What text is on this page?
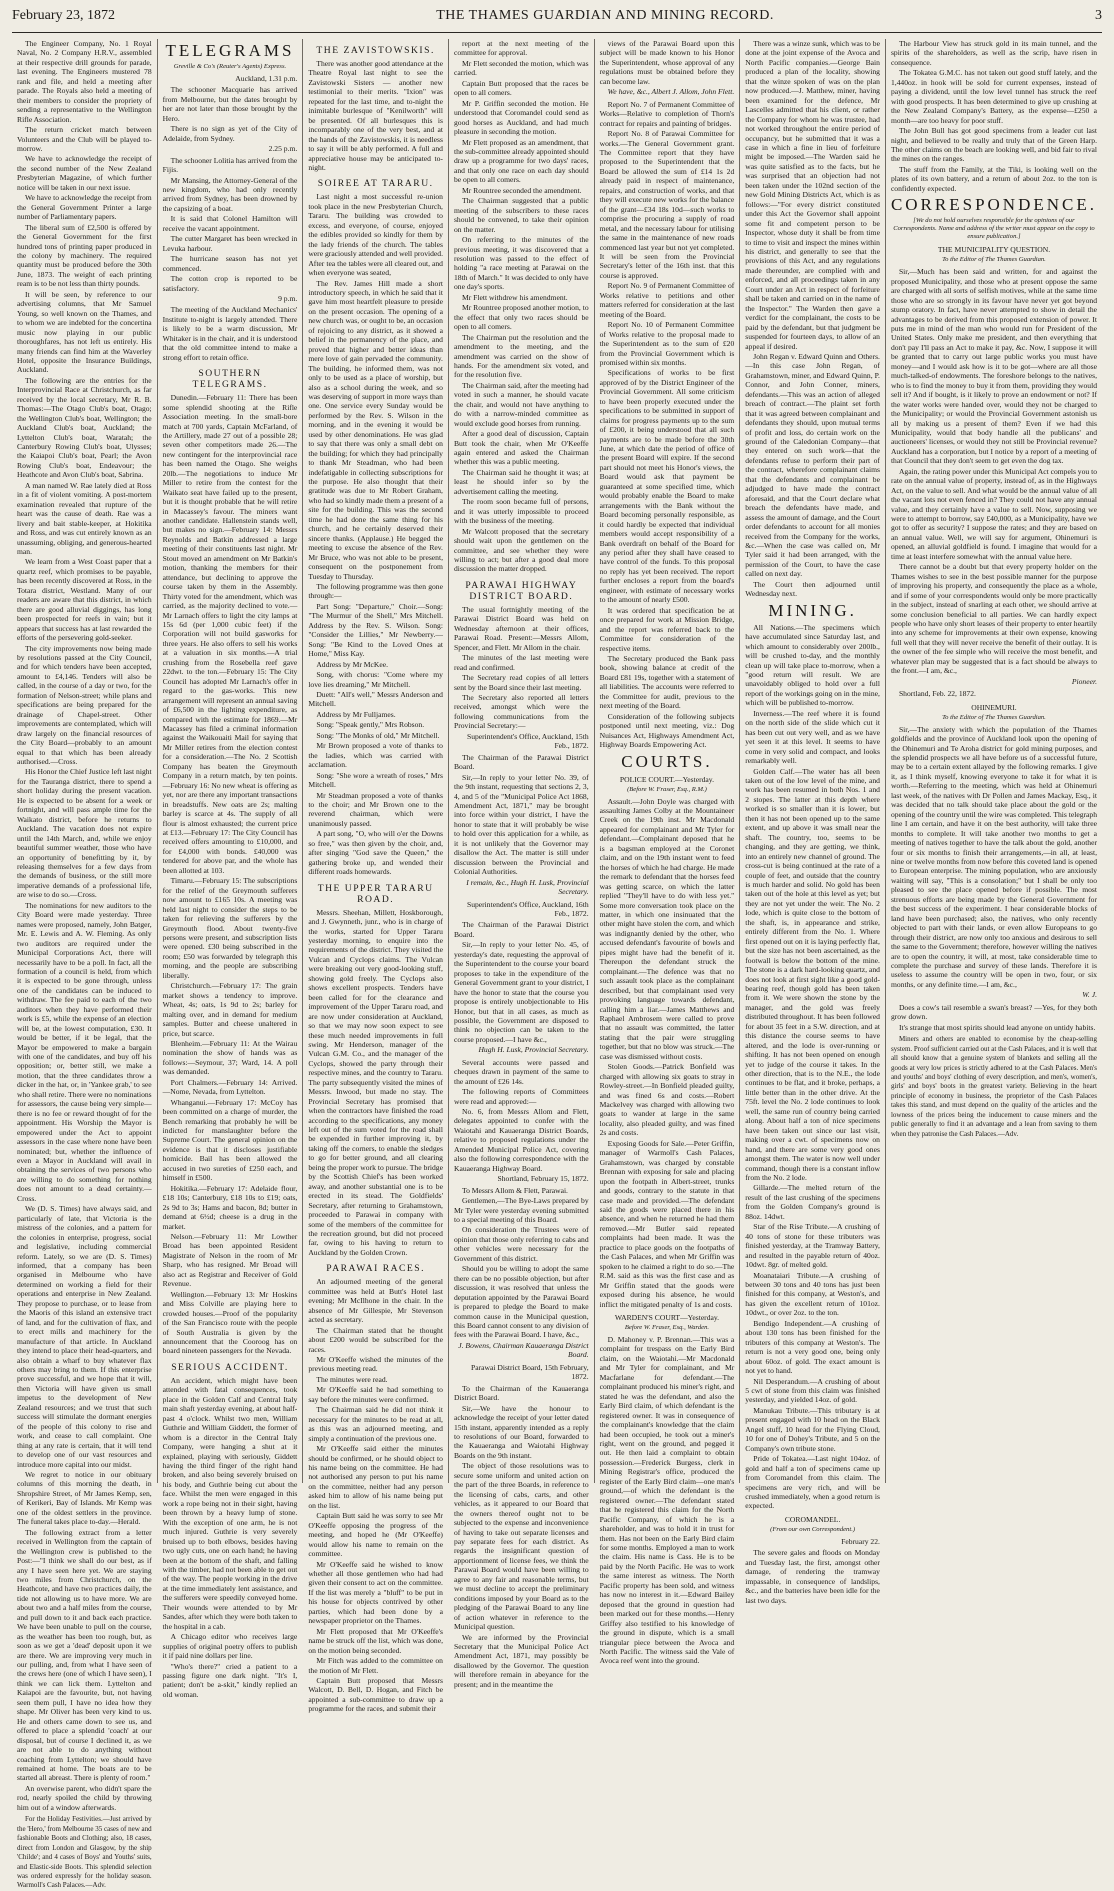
February 23, 1872	THE THAMES GUARDIAN AND MINING RECORD.	3

The Engineer Company, No. 1 Royal Naval, No. 2 Company H.R.V., assembled at their respective drill grounds for parade, last evening. The Engineers mustered 78 rank and file, and held a meeting after parade. The Royals also held a meeting of their members to consider the propriety of sending a representative to the Wellington Rifle Association.

The return cricket match between Volunteers and the Club will be played to-morrow.

We have to acknowledge the receipt of the second number of the New Zealand Presbyterian Magazine, of which further notice will be taken in our next issue.

We have to acknowledge the receipt from the General Government Printer a large number of Parliamentary papers.

The liberal sum of £2,500 is offered by the General Government for the first hundred tons of printing paper produced in the colony by machinery. The required quantity must be produced before the 30th June, 1873. The weight of each printing ream is to be not less than thirty pounds.

It will be seen, by reference to our advertising columns, that Mr Samuel Young, so well known on the Thames, and to whom we are indebted for the concertina music now playing in our public thoroughfares, has not left us entirely. His many friends can find him at the Waverley Hotel, opposite the Insurance Buildings, Auckland.

The following are the entries for the Interprovincial Race at Christchurch, as far received by the local secretary, Mr R. B. Thomas:—The Otago Club's boat, Otago; the Wellington Club's boat, Wellington; the Auckland Club's boat, Auckland; the Lyttelton Club's boat, Waratah; the Canterbury Rowing Club's boat, Ulysses; the Kaiapoi Club's boat, Pearl; the Avon Rowing Club's boat, Endeavour; the Heathcote and Avon Club's boat, Sabrina.

A man named W. Rae lately died at Ross in a fit of violent vomiting. A post-mortem examination revealed that rupture of the heart was the cause of death. Rae was a livery and bait stable-keeper, at Hokitika and Ross, and was cut entirely known as an unassuming, obliging, and generous-hearted man.

We learn from a West Coast paper that a quartz reef, which promises to be payable, has been recently discovered at Ross, in the Totara district, Westland. Many of our readers are aware that this district, in which there are good alluvial diggings, has long been prospected for reefs in vain; but it appears that success has at last rewarded the efforts of the persevering gold-seeker.

The city improvements now being made by resolutions passed at the City Council, and for which tenders have been accepted, amount to £4,146. Tenders will also be called, in the course of a day or two, for the formation of Nelson-street; while plans and specifications are being prepared for the drainage of Chapel-street. Other improvements are contemplated, which will draw largely on the financial resources of the City Board—probably to an amount equal to that which has been already authorised.—Cross.

His Honor the Chief Justice left last night for the Tauranga district, there to spend a short holiday during the present vacation. He is expected to be absent for a week or fortnight, and will pass ample time for the Waikato district, before he returns to Auckland. The vacation does not expire until the 14th March, and, while we enjoy beautiful summer weather, those who have an opportunity of benefitting by it, by releasing themselves for a few days from the demands of business, or the still more imperative demands of a professional life, are wise to do so.—Cross.

The nominations for new auditors to the City Board were made yesterday. Three names were proposed, namely, John Batger, Mr. E. Lewis and A. W. Fleming. As only two auditors are required under the Municipal Corporations Act, there will necessarily have to be a poll. In fact, all the formation of a council is held, from which it is expected to be gone through, unless one of the candidates can be induced to withdraw. The fee paid to each of the two auditors when they have performed their work is £5, while the expense of an election will be, at the lowest computation, £30. It would be better, if it be legal, that the Mayor be empowered to make a bargain with one of the candidates, and buy off his opposition; or, better still, we make a motion, that the three candidates throw a dicker in the hat, or, in 'Yankee grab,' to see who shall retire. There were no nominations for assessors, the cause being very simple—there is no fee or reward thought of for the appointment. His Worship the Mayor is empowered under the Act to appoint assessors in the case where none have been nominated; but, whether the influence of even a Mayor in Auckland will avail in obtaining the services of two persons who are willing to do something for nothing does not amount to a dead certainty.—Cross.

We (D. S. Times) have always said, and particularly of late, that Victoria is the mistress of the colonies, and a pattern for the colonies in enterprise, progress, social and legislative, including commercial reform. Lately, so we are (D. S. Times) informed, that a company has been organised in Melbourne who have determined on working a field for their operations and enterprise in New Zealand. They propose to purchase, or to lease from the Maoris of this island an extensive tract of land, and for the cultivation of flax, and to erect mills and machinery for the manufacture of that article. In Auckland they intend to place their head-quarters, and also obtain a wharf to buy whatever flax others may bring to them. If this enterprise prove successful, and we hope that it will, then Victoria will have given us small impetus to the development of New Zealand resources; and we trust that such success will stimulate the dormant energies of the people of this colony to rise and work, and cease to call complaint. One thing at any rate is certain, that it will tend to develop one of our vast resources and introduce more capital into our midst.

We regret to notice in our obituary columns of this morning the death, in Shropshire Street, of Mr James Kemp, sen, of Kerikeri, Bay of Islands. Mr Kemp was one of the oldest settlers in the province. The funeral takes place to-day.—Herald.

The following extract from a letter received in Wellington from the captain of the Wellington crew is published to the Post:—"I think we shall do our best, as if any I have seen here yet. We are staying two miles from Christchurch, on the Heathcote, and have two practices daily, the tide not allowing us to have more. We are about two and a half miles from the course, and pull down to it and back each practice. We have been unable to pull on the course, as the weather has been too rough, but, as soon as we get a 'dead' deposit upon it we are there. We are improving very much in our pulling, and, from what I have seen of the crews here (one of which I have seen), I think we can lick them. Lyttelton and Kaiapoi are the favourite, but, not having seen them pull, I have no idea how they shape. Mr Oliver has been very kind to us. He and others came down to see us, and offered to place a splendid 'coach' at our disposal, but of course I declined it, as we are not able to do anything without coaching from Lyttelton; we should have remained at home. The boats are to be started all abreast. There is plenty of room."

An overwise parent, who didn't spare the rod, nearly spoiled the child by throwing him out of a window afterwards.

For the Holiday Festivities.—Just arrived by the 'Hero,' from Melbourne 35 cases of new and fashionable Boots and Clothing; also, 18 cases, direct from London and Glasgow, by the ship 'Childe'; and 4 cases of Boys' and Youths' suits, and Elastic-side Boots. This splendid selection was ordered expressly for the holiday season. Warmoll's Cash Palaces.—Adv.

TELEGRAMS
Greville & Co's (Reuter's Agents) Express.
Auckland, 1.31 p.m.

The schooner Macquarie has arrived from Melbourne, but the dates brought by her are not later than those brought by the Hero.

There is no sign as yet of the City of Adelaide, from Sydney.

2.25 p.m.

The schooner Lolitia has arrived from the Fijis.

Mr Mansing, the Attorney-General of the new kingdom, who had only recently arrived from Sydney, has been drowned by the capsizing of a boat.

It is said that Colonel Hamilton will receive the vacant appointment.

The cutter Margaret has been wrecked in Levuka harbour.

The hurricane season has not yet commenced.

The cotton crop is reported to be satisfactory.

9 p.m.

The meeting of the Auckland Mechanics' Institute to-night is largely attended. There is likely to be a warm discussion, Mr Whitaker is in the chair, and it is understood that the old committee intend to make a strong effort to retain office.

SOUTHERN TELEGRAMS.

Dunedin.—February 11: There has been some splendid shooting at the Rifle Association meeting. In the small-bore match at 700 yards, Captain McFarland, of the Artillery, made 27 out of a possible 28; seven other competitors made 26.—The new contingent for the interprovincial race has been named the Otago. She weighs 20lb.—The negotiations to induce Mr Miller to retire from the contest for the Waikato seat have failed up to the present, but it is thought probable that he will retire in Macassey's favour. The miners want another candidate. Hallenstein stands well, but makes no sign.—February 14: Messrs Reynolds and Batkin addressed a large meeting of their constituents last night. Mr Stout moved an amendment on Mr Batkin's motion, thanking the members for their attendance, but declining to approve the course taken by them in the Assembly. Thirty voted for the amendment, which was carried, as the majority declined to vote.—Mr Larnach offers to light the city lamps at 15s 6d (per 1,000 cubic feet) if the Corporation will not build gasworks for three years. He also offers to sell his works at a valuation in six months.—A trial crushing from the Rosebella reef gave 22dwt. to the ton.—February 15: The City Council has adopted Mr Larnach's offer in regard to the gas-works. This new arrangement will represent an annual saving of £6,500 in the lighting expenditure, as compared with the estimate for 1869.—Mr Macassey has filed a criminal information against the Waikouaiti Mail for saying that Mr Miller retires from the election contest for a consideration.—The No. 2 Scottish Company has beaten the Greymouth Company in a return match, by ten points.—February 16: No new wheat is offering as yet, nor are there any important transactions in breadstuffs. New oats are 2s; malting barley is scarce at 4s. The supply of all flour is almost exhausted; the current price at £13.—February 17: The City Council has received offers amounting to £10,000, and for £4,000 with bonds. £40,000 was tendered for above par, and the whole has been allotted at 103.

Timaru.—February 15: The subscriptions for the relief of the Greymouth sufferers now amount to £165 10s. A meeting was held last night to consider the steps to be taken for relieving the sufferers by the Greymouth flood. About twenty-five persons were present, and subscription lists were opened. £30 being subscribed in the room; £50 was forwarded by telegraph this morning, and the people are subscribing liberally.

Christchurch.—February 17: The grain market shows a tendency to improve. Wheat, 4s; oats, 1s 9d to 2s; barley for malting over, and in demand for medium samples. Butter and cheese unaltered in price, but scarce.

Blenheim.—February 11: At the Wairau nomination the show of hands was as follows:—Seymour, 37; Ward, 14. A poll was demanded.

Port Chalmers.—February 14: Arrived.—Nome, Nevada, from Lyttelton.

Whanganui.—February 17: McCoy has been committed on a charge of murder, the Bench remarking that probably he will be indicted for manslaughter before the Supreme Court. The general opinion on the evidence is that it discloses justifiable homicide. Bail has been allowed the accused in two sureties of £250 each, and himself in £500.

Hokitika.—February 17: Adelaide flour, £18 10s; Canterbury, £18 10s to £19; oats, 2s 9d to 3s; Hams and bacon, 8d; butter in demand at 6½d; cheese is a drug in the market.

Nelson.—February 11: Mr Lowther Broad has been appointed Resident Magistrate of Nelson in the room of Mr Sharp, who has resigned. Mr Broad will also act as Registrar and Receiver of Gold Revenue.

Wellington.—February 13: Mr Hoskins and Miss Colville are playing here to crowded houses.—Proof of the popularity of the San Francisco route with the people of South Australia is given by the announcement that the Cooroog has on board nineteen passengers for the Nevada.

SERIOUS ACCIDENT.

An accident, which might have been attended with fatal consequences, took place in the Golden Calf and Central Italy main shaft yesterday evening, at about half-past 4 o'clock. Whilst two men, William Guthrie and William Giddett, the former of whom is a director in the Central Italy Company, were hanging a shut at it explained, playing with seriously, Giddett having the third finger of the right hand broken, and also being severely bruised on his body, and Guthrie being cut about the face. Whilst the men were engaged in this work a rope being not in their sight, having been thrown by a heavy lump of stone. With the exception of one arm, he is not much injured. Guthrie is very severely bruised up to both elbows, besides having two ugly cuts, one on each hand; he having been at the bottom of the shaft, and falling with the timber, had not been able to get out of the way. The people working in the drive at the time immediately lent assistance, and the sufferers were speedily conveyed home. Their wounds were attended to by Mr Sandes, after which they were both taken to the hospital in a cab.

A Chicago editor who receives large supplies of original poetry offers to publish it if paid nine dollars per line.

"Who's there?" cried a patient to a passing figure one dark night. "It's I, patient; don't be a-skit," kindly replied an old woman.

THE ZAVISTOWSKIS.

There was another good attendance at the Theatre Royal last night to see the Zavistowski Sisters — another new testimonial to their merits. "Ixion" was repeated for the last time, and to-night the inimitable burlesque of "Kenilworth" will be presented. Of all burlesques this is incomparably one of the very best, and at the hands of the Zavistowskis, it is needless to say it will be ably performed. A full and appreciative house may be anticipated to-night.

SOIREE AT TARARU.

Last night a most successful re-union took place in the new Presbyterian Church, Tararu. The building was crowded to excess, and everyone, of course, enjoyed the edibles provided so kindly for them by the lady friends of the church. The tables were graciously attended and well provided. After tea the tables were all cleared out, and when everyone was seated,

The Rev. James Hill made a short introductory speech, in which he said that it gave him most heartfelt pleasure to preside on the present occasion. The opening of a new church was, or ought to be, an occasion of rejoicing to any district, as it showed a belief in the permanency of the place, and proved that higher and better ideas than mere love of gain pervaded the community. The building, he informed them, was not only to be used as a place of worship, but also as a school during the week, and so was deserving of support in more ways than one. One service every Sunday would be performed by the Rev. S. Wilson in the morning, and in the evening it would be used by other denominations. He was glad to say that there was only a small debt on the building; for which they had principally to thank Mr Steadman, who had been indefatigable in collecting subscriptions for the purpose. He also thought that their gratitude was due to Mr Robert Graham, who had so kindly made them a present of a site for the building. This was the second time he had done the same thing for his church, and he certainly deserved their sincere thanks. (Applause.) He begged the meeting to excuse the absence of the Rev. Mr Bruce, who was not able to be present, consequent on the postponement from Tuesday to Thursday.

The following programme was then gone through:—

Part Song: "Departure," Choir.—Song: "The Murmur of the Shell," Mrs Mitchell. Address by the Rev. S. Wilson. Song: "Consider the Lillies," Mr Newberry.—Song: "Be Kind to the Loved Ones at Home," Miss Kay.

Address by Mr McKee.

Song, with chorus: "Come where my love lies dreaming," Mr Mitchell.

Duett: "All's well," Messrs Anderson and Mitchell.

Address by Mr Fulljames.

Song: "Speak gently," Mrs Robson.

Song: "The Monks of old," Mr Mitchell.

Mr Brown proposed a vote of thanks to the ladies, which was carried with acclamation.

Song: "She wore a wreath of roses," Mrs Mitchell.

Mr Steadman proposed a vote of thanks to the choir; and Mr Brown one to the reverend chairman, which were unanimously passed.

A part song, "O, who will o'er the Downs so free," was then given by the choir, and, after singing "God save the Queen," the gathering broke up, and wended their different roads homewards.

THE UPPER TARARU ROAD.

Messrs. Sheehan, Millett, Hoskborough, and J. Gwynneth, junr., who is in charge of the works, started for Upper Tararu yesterday morning, to enquire into the requirements of the district. They visited the Vulcan and Cyclops claims. The Vulcan were breaking out very good-looking stuff, showing gold freely. The Cyclops also shows excellent prospects. Tenders have been called for for the clearance and improvement of the Upper Tararu road, and are now under consideration at Auckland, so that we may now soon expect to see these much needed improvements in full swing. Mr Henderson, manager of the Vulcan G.M. Co., and the manager of the Cyclops, showed the party through their respective mines, and the country to Tararu. The party subsequently visited the mines of Messrs. Inwood, but made no stay. The Provincial Secretary has promised that when the contractors have finished the road according to the specifications, any money left out of the sum voted for the road shall be expended in further improving it, by taking off the corners, to enable the sledges to go for better ground, and all clearing being the proper work to pursue. The bridge by the Scottish Chief's has been worked away, and another substantial one is to be erected in its stead. The Goldfields' Secretary, after returning to Grahamstown, proceeded to Parawai in company with some of the members of the committee for the recreation ground, but did not proceed far, owing to his having to return to Auckland by the Golden Crown.

PARAWAI RACES.

An adjourned meeting of the general committee was held at Butt's Hotel last evening; Mr McIlhone in the chair. In the absence of Mr Gillespie, Mr Stevenson acted as secretary.

The Chairman stated that he thought about £200 would be subscribed for the races.

Mr O'Keeffe wished the minutes of the previous meeting read.

The minutes were read.

Mr O'Keeffe said he had something to say before the minutes were confirmed.

The Chairman said he did not think it necessary for the minutes to be read at all, as this was an adjourned meeting, and simply a continuation of the previous one.

Mr O'Keeffe said either the minutes should be confirmed, or he should object to his name being on the committee. He had not authorised any person to put his name on the committee, neither had any person asked him to allow of his name being put on the list.

Captain Butt said he was sorry to see Mr O'Keeffe opposing the progress of the meeting, and hoped he (Mr O'Keeffe) would allow his name to remain on the committee.

Mr O'Keeffe said he wished to know whether all those gentlemen who had had given their consent to act on the committee. If the list was merely a "bluff" to be put in his house for objects contrived by other parties, which had been done by a newspaper proprietor on the Thames.

Mr Flett proposed that Mr O'Keeffe's name be struck off the list, which was done, on the motion being seconded.

Mr Fitch was added to the committee on the motion of Mr Flett.

Captain Butt proposed that Messrs Walcott, D. Bell, D. Hogan, and Fitch be appointed a sub-committee to draw up a programme for the races, and submit their

report at the next meeting of the committee for approval.

Mr Flett seconded the motion, which was carried.

Captain Butt proposed that the races be open to all comers.

Mr P. Griffin seconded the motion. He understood that Coromandel could send as good horses as Auckland, and had much pleasure in seconding the motion.

Mr Flett proposed as an amendment, that the sub-committee already appointed should draw up a programme for two days' races, and that only one race on each day should be open to all comers.

Mr Rountree seconded the amendment.

The Chairman suggested that a public meeting of the subscribers to these races should be convened, to take their opinion on the matter.

On referring to the minutes of the previous meeting, it was discovered that a resolution was passed to the effect of holding "a race meeting at Parawai on the 18th of March." It was decided to only have one day's sports.

Mr Flett withdrew his amendment.

Mr Rountree proposed another motion, to the effect that only two races should be open to all comers.

The Chairman put the resolution and the amendment to the meeting, and the amendment was carried on the show of hands. For the amendment six voted, and for the resolution five.

The Chairman said, after the meeting had voted in such a manner, he should vacate the chair, and would not have anything to do with a narrow-minded committee as would exclude good horses from running.

After a good deal of discussion, Captain Butt took the chair, when Mr O'Keeffe again entered and asked the Chairman whether this was a public meeting.

The Chairman said he thought it was; at least he should infer so by the advertisement calling the meeting.

The room soon became full of persons, and it was utterly impossible to proceed with the business of the meeting.

Mr Walcott proposed that the secretary should wait upon the gentlemen on the committee, and see whether they were willing to act; but after a good deal more discussion the matter dropped.

PARAWAI HIGHWAY DISTRICT BOARD.

The usual fortnightly meeting of the Parawai District Board was held on Wednesday afternoon at their offices, Parawai Road. Present:—Messrs Allom, Spencer, and Flett. Mr Allom in the chair.

The minutes of the last meeting were read and confirmed.

The Secretary read copies of all letters sent by the Board since their last meeting.

The Secretary also reported all letters received, amongst which were the following communications from the Provincial Secretary:—

Superintendent's Office, Auckland, 15th Feb., 1872.

The Chairman of the Parawai District Board.

Sir,—In reply to your letter No. 39, of the 9th instant, requesting that sections 2, 3, 4, and 5 of the "Municipal Police Act 1868, Amendment Act, 1871," may be brought into force within your district, I have the honor to state that it will probably be wise to hold over this application for a while, as it is not unlikely that the Governor may disallow the Act. The matter is still under discussion between the Provincial and Colonial Authorities.

I remain, &c., Hugh H. Lusk, Provincial Secretary.
Superintendent's Office, Auckland, 16th Feb., 1872.

The Chairman of the Parawai District Board.

Sir,—In reply to your letter No. 45, of yesterday's date, requesting the approval of the Superintendent to the course your board proposes to take in the expenditure of the General Government grant to your district, I have the honor to state that the course you propose is entirely unobjectionable to His Honor, but that in all cases, as much as possible, the Government are disposed to think no objection can be taken to the course proposed.—I have &c.,

Hugh H. Lusk, Provincial Secretary.

Several accounts were passed and cheques drawn in payment of the same to the amount of £26 14s.

The following reports of Committees were read and approved:—

No. 6, from Messrs Allom and Flett, delegates appointed to confer with the Waiotahi and Kauaeranga District Boards, relative to proposed regulations under the Amended Municipal Police Act, covering also the following correspondence with the Kauaeranga Highway Board.

Shortland, February 15, 1872.

To Messrs Allom & Flett, Parawai.

Gentlemen,—The Bye-Laws prepared by Mr Tyler were yesterday evening submitted to a special meeting of this Board.

On consideration the Trustees were of opinion that those only referring to cabs and other vehicles were necessary for the Government of this district.

Should you be willing to adopt the same there can be no possible objection, but after discussion, it was resolved that unless the deputation appointed by the Parawai Board is prepared to pledge the Board to make common cause in the Municipal question, this Board cannot consent to any division of fees with the Parawai Board. I have, &c.,

J. Bowens, Chairman Kauaeranga District Board.
Parawai District Board, 15th February, 1872.

To the Chairman of the Kauaeranga District Board.

Sir,—We have the honour to acknowledge the receipt of your letter dated 15th instant, apparently intended as a reply to resolutions of our Board, forwarded to the Kauaeranga and Waiotahi Highway Boards on the 9th instant.

The object of those resolutions was to secure some uniform and united action on the part of the three Boards, in reference to the licensing of cabs, carts, and other vehicles, as it appeared to our Board that the owners thereof ought not to be subjected to the expense and inconvenience of having to take out separate licenses and pay separate fees for each district. As regards the insignificant question of apportionment of license fees, we think the Parawai Board would have been willing to agree to any fair and reasonable terms, but we must decline to accept the preliminary conditions imposed by your Board as to the pledging of the Parawai Board to any line of action whatever in reference to the Municipal question.

We are informed by the Provincial Secretary that the Municipal Police Act Amendment Act, 1871, may possibly be disallowed by the Governor. The question will therefore remain in abeyance for the present; and in the meantime the

views of the Parawai Board upon this subject will be made known to his Honor the Superintendent, whose approval of any regulations must be obtained before they can become law.

We have, &c., Albert J. Allom, John Flett.

Report No. 7 of Permanent Committee of Works—Relative to completion of Thorn's contract for repairs and painting of bridges.

Report No. 8 of Parawai Committee for works.—The General Government grant. The Committee report that they have proposed to the Superintendent that the Board be allowed the sum of £14 1s 2d already paid in respect of maintenance, repairs, and construction of works, and that they will execute new works for the balance of the grant—£34 18s 10d—such works to comprise the procuring a supply of road metal, and the necessary labour for utilising the same in the maintenance of new roads commenced last year but not yet completed. It will be seen from the Provincial Secretary's letter of the 16th inst. that this course is approved.

Report No. 9 of Permanent Committee of Works relative to petitions and other matters referred for consideration at the last meeting of the Board.

Report No. 10 of Permanent Committee of Works relative to the proposal made to the Superintendent as to the sum of £20 from the Provincial Government which is promised within six months.

Specifications of works to be first approved of by the District Engineer of the Provincial Government. All some criticism to have been properly executed under the specifications to be submitted in support of claims for progress payments up to the sum of £200, it being understood that all such payments are to be made before the 30th June, at which date the period of office of the present Board will expire. If the second part should not meet his Honor's views, the Board would ask that payment be guaranteed at some specified time, which would probably enable the Board to make arrangements with the Bank without the Board becoming personally responsible, as it could hardly be expected that individual members would accept responsibility of a Bank overdraft on behalf of the Board for any period after they shall have ceased to have control of the funds. To this proposal no reply has yet been received. The report further encloses a report from the board's engineer, with estimate of necessary works to the amount of nearly £500.

It was ordered that specification be at once prepared for work at Mission Bridge, and the report was referred back to the Committee for consideration of the respective items.

The Secretary produced the Bank pass book, showing balance at credit of the Board £81 19s, together with a statement of all liabilities. The accounts were referred to the Committee for audit, previous to the next meeting of the Board.

Consideration of the following subjects postponed until next meeting, viz.: Dog Nuisances Act, Highways Amendment Act, Highway Boards Empowering Act.

COURTS.
POLICE COURT.—Yesterday.
(Before W. Fraser, Esq., R.M.)

Assault.—John Doyle was charged with assaulting James Colby at the Mountaineer Creek on the 19th inst. Mr Macdonald appeared for complainant and Mr Tyler for defendant.—Complainant deposed that he is a bagsman employed at the Coronet claim, and on the 19th instant went to feed the horses of which he had charge. He made the remark to defendant that the horses feed was getting scarce, on which the latter replied "They'll have to do with less yet." Some more conversation took place on the matter, in which one insinuated that the other might have stolen the corn, and which was indignantly denied by the other, who accused defendant's favourite of bowls and pipes might have had the benefit of it. Thereupon the defendant struck the complainant.—The defence was that no such assault took place as the complainant described, but that complainant used very provoking language towards defendant, calling him a liar.—James Matthews and Raphael Ambrosem were called to prove that no assault was committed, the latter stating that the pair were struggling together, but that no blow was struck.—The case was dismissed without costs.

Stolen Goods.—Patrick Bonfield was charged with allowing six goats to stray in Rowley-street.—In Bonfield pleaded guilty, and was fined 6s and costs.—Robert Mackelvey was charged with allowing two goats to wander at large in the same locality, also pleaded guilty, and was fined 2s and costs.

Exposing Goods for Sale.—Peter Griffin, manager of Warmoll's Cash Palaces, Grahamstown, was charged by constable Brennan with exposing for sale and placing upon the footpath in Albert-street, trunks and goods, contrary to the statute in that case made and provided.—The defendant said the goods were placed there in his absence, and when he returned he had them removed.—Mr Butler said repeated complaints had been made. It was the practice to place goods on the footpaths of the Cash Palaces, and when Mr Griffin was spoken to he claimed a right to do so.—The R.M. said as this was the first case and as Mr Griffin stated that the goods were exposed during his absence, he would inflict the mitigated penalty of 1s and costs.

WARDEN'S COURT—Yesterday.
Before W. Fraser, Esq., Warden.

D. Mahoney v. P. Brennan.—This was a complaint for trespass on the Early Bird claim, on the Waiotahi.—Mr Macdonald and Mr Tyler for complainant, and Mr Macfarlane for defendant.—The complainant produced his miner's right, and stated he was the defendant, and also the Early Bird claim, of which defendant is the registered owner. It was in consequence of the complainant's knowledge that the claim had been occupied, he took out a miner's right, went on the ground, and pegged it out. He then laid a complaint to obtain possession.—Frederick Burgess, clerk in Mining Registrar's office, produced the register of the Early Bird claim—one man's ground,—of which the defendant is the registered owner.—The defendant stated that he registered this claim for the North Pacific Company, of which he is a shareholder, and was to hold it in trust for them. Has not been on the Early Bird claim for some months. Employed a man to work the claim. His name is Cass. He is to be paid by the North Pacific. He was to work the same interest as witness. The North Pacific property has been sold, and witness has now no interest in it.—Edward Bailey deposed that the ground in question had been marked out for these months.—Henry Griffey also testified to his knowledge of the ground in dispute, which is a small triangular piece between the Avoca and North Pacific. The witness said the Vale of Avoca reef went into the ground.

There was a winze sunk, which was to be done at the joint expense of the Avoca and North Pacific companies.—George Bain produced a plan of the locality, showing that the winze spoken of was on the plan now produced.—J. Matthew, miner, having been examined for the defence, Mr Lascelles admitted that his client, or rather the Company for whom he was trustee, had not worked throughout the entire period of occupancy, but he submitted that it was a case in which a fine in lieu of forfeiture might be imposed.—The Warden said he was quite satisfied as to the facts, but he was surprised that an objection had not been taken under the 102nd section of the new Gold Mining Districts Act, which is as follows:—"For every district constituted under this Act the Governor shall appoint some fit and competent person to be Inspector, whose duty it shall be from time to time to visit and inspect the mines within his district, and generally to see that the provisions of this Act, and any regulations made thereunder, are complied with and enforced, and all proceedings taken in any Court under an Act in respect of forfeiture shall be taken and carried on in the name of the Inspector." The Warden then gave a verdict for the complainant, the costs to be paid by the defendant, but that judgment be suspended for fourteen days, to allow of an appeal if desired.

John Regan v. Edward Quinn and Others.—In this case John Regan, of Grahamstown, miner, and Edward Quinn, P. Connor, and John Conner, miners, defendants.—This was an action of alleged breach of contract.—The plaint set forth that it was agreed between complainant and defendants they should, upon mutual terms of profit and loss, do certain work on the ground of the Caledonian Company—that they entered on such work—that the defendants refuse to perform their part of the contract, wherefore complainant claims that the defendants and complainant be adjudged to have made the contract aforesaid, and that the Court declare what breach the defendants have made, and assess the amount of damage, and the Court order defendants to account for all monies received from the Company for the works, &c.—When the case was called on, Mr Tyler said it had been arranged, with the permission of the Court, to have the case called on next day.

The Court then adjourned until Wednesday next.

MINING.

All Nations.—The specimens which have accumulated since Saturday last, and which amount to considerably over 200lb., will be crushed to-day, and the monthly clean up will take place to-morrow, when a "good return will result. We are unavoidably obliged to hold over a full report of the workings going on in the mine, which will be published to-morrow.

Inverness.—The reef where it is found on the north side of the slide which cut it has been cut out very well, and as we have yet seen it at this level. It seems to have come in very solid and compact, and looks remarkably well.

Golden Calf.—The water has all been taken out of the low level of the mine, and work has been resumed in both Nos. 1 and 2 stopes. The latter at this depth where worked is so smaller than it is lower, but then it has not been opened up to the same extent, and up above it was small near the shaft. The country, too, seems to be changing, and they are getting, we think, into an entirely new channel of ground. The cross-cut is being continued at the rate of a couple of feet, and outside that the country is much harder and solid. No gold has been taken out of the hole at this level as yet; but they are not yet under the weir. The No. 2 lode, which is quite close to the bottom of the shaft, is, in appearance and strike, entirely different from the No. 1. Where first opened out on it is laying perfectly flat, but the size has not been ascertained, as the footwall is below the bottom of the mine. The stone is a dark hard-looking quartz, and does not look at first sight like a good gold-bearing reef, though gold has been taken from it. We were shown the stone by the manager, and the gold was freely distributed throughout. It has been followed for about 35 feet in a S.W. direction, and at this distance the course seems to have altered, and the lode is over-running or shifting. It has not been opened on enough yet to judge of the course it takes. In the other direction, that is to the N.E., the lode continues to be flat, and it broke, perhaps, a little better than in the other drive. At the 75ft. level the No. 2 lode continues to look well, the same run of country being carried along. About half a ton of nice specimens have been taken out since our last visit, making over a cwt. of specimens now on hand, and there are some very good ones amongst them. The water is now well under command, though there is a constant inflow from the No. 2 lode.

Gillarde.—The melted return of the result of the last crushing of the specimens from the Golden Company's ground is 88oz. 14dwt.

Star of the Rise Tribute.—A crushing of 40 tons of stone for these tributers was finished yesterday, at the Tramway Battery, and resulted in the payable return of 40oz. 10dwt. 8gr. of melted gold.

Moanataiari Tribute.—A crushing of between 30 tons and 40 tons has just been finished for this company, at Weston's, and has given the excellent return of 101oz. 10dwt., or over 2oz. to the ton.

Bendigo Independent.—A crushing of about 130 tons has been finished for the tributers of this company at Weston's. The return is not a very good one, being only about 60oz. of gold. The exact amount is not yet to hand.

Nil Desperandum.—A crushing of about 5 cwt of stone from this claim was finished yesterday, and yielded 14oz. of gold.

Manukau Tribute.—This tributary is at present engaged with 10 head on the Black Angel stuff, 10 head for the Flying Cloud, 10 for one of Dohey's Tribute, and 5 on the Company's own tribute stone.

Pride of Tokatea.—Last night 104oz. of gold and half a ton of specimens came up from Coromandel from this claim. The specimens are very rich, and will be crushed immediately, when a good return is expected.

COROMANDEL.
(From our own Correspondent.)
February 22.

The severe gales and floods on Monday and Tuesday last, the first, amongst other damage, of rendering the tramway impassable, in consequence of landslips, &c., and the batteries have been idle for the last two days.

The Harbour View has struck gold in its main tunnel, and the spirits of the shareholders, as well as the scrip, have risen in consequence.

The Tokatea G.M.C. has not taken out good stuff lately, and the 1,440oz. in hook will be sold for current expenses, instead of paying a dividend, until the low level tunnel has struck the reef with good prospects. It has been determined to give up crushing at the New Zealand Company's Battery, as the expense—£250 a month—are too heavy for poor stuff.

The John Bull has got good specimens from a leader cut last night, and believed to be really and truly that of the Green Harp. The other claims on the beach are looking well, and bid fair to rival the mines on the ranges.

The stuff from the Family, at the Tiki, is looking well on the plates of its own battery, and a return of about 2oz. to the ton is confidently expected.

CORRESPONDENCE.
[We do not hold ourselves responsible for the opinions of our Correspondents. Name and address of the writer must appear on the copy to ensure publication.]
THE MUNICIPALITY QUESTION.
To the Editor of The Thames Guardian.

Sir,—Much has been said and written, for and against the proposed Municipality, and those who at present oppose the same are charged with all sorts of selfish motives, while at the same time those who are so strongly in its favour have never yet got beyond stump oratory. In fact, have never attempted to show in detail the advantages to be derived from this proposed extension of power. It puts me in mind of the man who would run for President of the United States. Only make me president, and then everything that don't pay I'll pass an Act to make it pay, &c. Now, I suppose it will be granted that to carry out large public works you must have money—and I would ask how is it to be got—where are all those much-talked-of endowments. The foreshore belongs to the natives, who is to find the money to buy it from them, providing they would sell it? And if bought, is it likely to prove an endowment or not? If the water works were handed over, would they not be charged to the Municipality; or would the Provincial Government astonish us all by making us a present of them? Even if we had this Municipality, would that body handle all the publicans' and auctioneers' licenses, or would they not still be Provincial revenue? Auckland has a corporation, but I notice by a report of a meeting of that Council that they don't seem to get even the dog tax.

Again, the rating power under this Municipal Act compels you to rate on the annual value of property, instead of, as in the Highways Act, on the value to sell. And what would be the annual value of all the vacant lots not even fenced in? They could not have any annual value, and they certainly have a value to sell. Now, supposing we were to attempt to borrow, say £40,000, as a Municipality, have we got to offer as security? I suppose the rates; and they are based on an annual value. Well, we will say for argument, Ohinemuri is opened, an alluvial goldfield is found. I imagine that would for a time at least interfere somewhat with the annual value here.

There cannot be a doubt but that every property holder on the Thames wishes to see in the best possible manner for the purpose of improving his property, and consequently the place as a whole, and if some of your correspondents would only be more practically in the subject, instead of snarling at each other, we should arrive at some conclusion beneficial to all parties. We can hardly expect people who have only short leases of their property to enter heartily into any scheme for improvements at their own expense, knowing full well that they will never receive the benefit of their outlay. It is the owner of the fee simple who will receive the most benefit, and whatever plan may be suggested that is a fact should be always to the front.—I am, &c.,

Pioneer.

Shortland, Feb. 22, 1872.

OHINEMURI.
To the Editor of The Thames Guardian.

Sir,—The anxiety with which the population of the Thames goldfields and the province of Auckland look upon the opening of the Ohinemuri and Te Aroha district for gold mining purposes, and the splendid prospects we all have before us of a successful future, may be to a certain extent allayed by the following remarks. I give it, as I think myself, knowing everyone to take it for what it is worth.—Referring to the meeting, which was held at Ohinemuri last week, of the natives with Dr Pollen and James Mackay, Esq., it was decided that no talk should take place about the gold or the opening of the country until the wire was completed. This telegraph line I am certain, and have it on the best authority, will take three months to complete. It will take another two months to get a meeting of natives together to have the talk about the gold, another four or six months to finish their arrangements,—in all, at least, nine or twelve months from now before this coveted land is opened to European enterprise. The mining population, who are anxiously waiting will say, "This is a consolation;" but I shall be only too pleased to see the place opened before if possible. The most strenuous efforts are being made by the General Government for the best success of the experiment. I hear considerable blocks of land have been purchased; also, the natives, who only recently objected to part with their lands, or even allow Europeans to go through their district, are now only too anxious and desirous to sell the same to the Government; therefore, however willing the natives are to open the country, it will, at most, take considerable time to complete the purchase and survey of these lands. Therefore it is useless to assume the country will be open in two, four, or six months, or any definite time.—I am, &c.,

W. J.

Does a cow's tail resemble a swan's breast? —Yes, for they both grow down.

It's strange that most spirits should lead anyone on untidy habits.

Miners and others are enabled to economise by the cheap-selling system. Proof sufficient carried out at the Cash Palaces, and it is well that all should know that a genuine system of blankets and selling all the goods at very low prices is strictly adhered to at the Cash Palaces. Men's and youths' and boys' clothing of every description, and men's, women's, girls' and boys' boots in the greatest variety. Believing in the heart principle of economy in business, the proprietor of the Cash Palaces takes this stand, and must depend on the quality of the articles and the lowness of the prices being the inducement to cause miners and the public generally to find it an advantage and a lean from saving to them when they patronise the Cash Palaces.—Adv.
